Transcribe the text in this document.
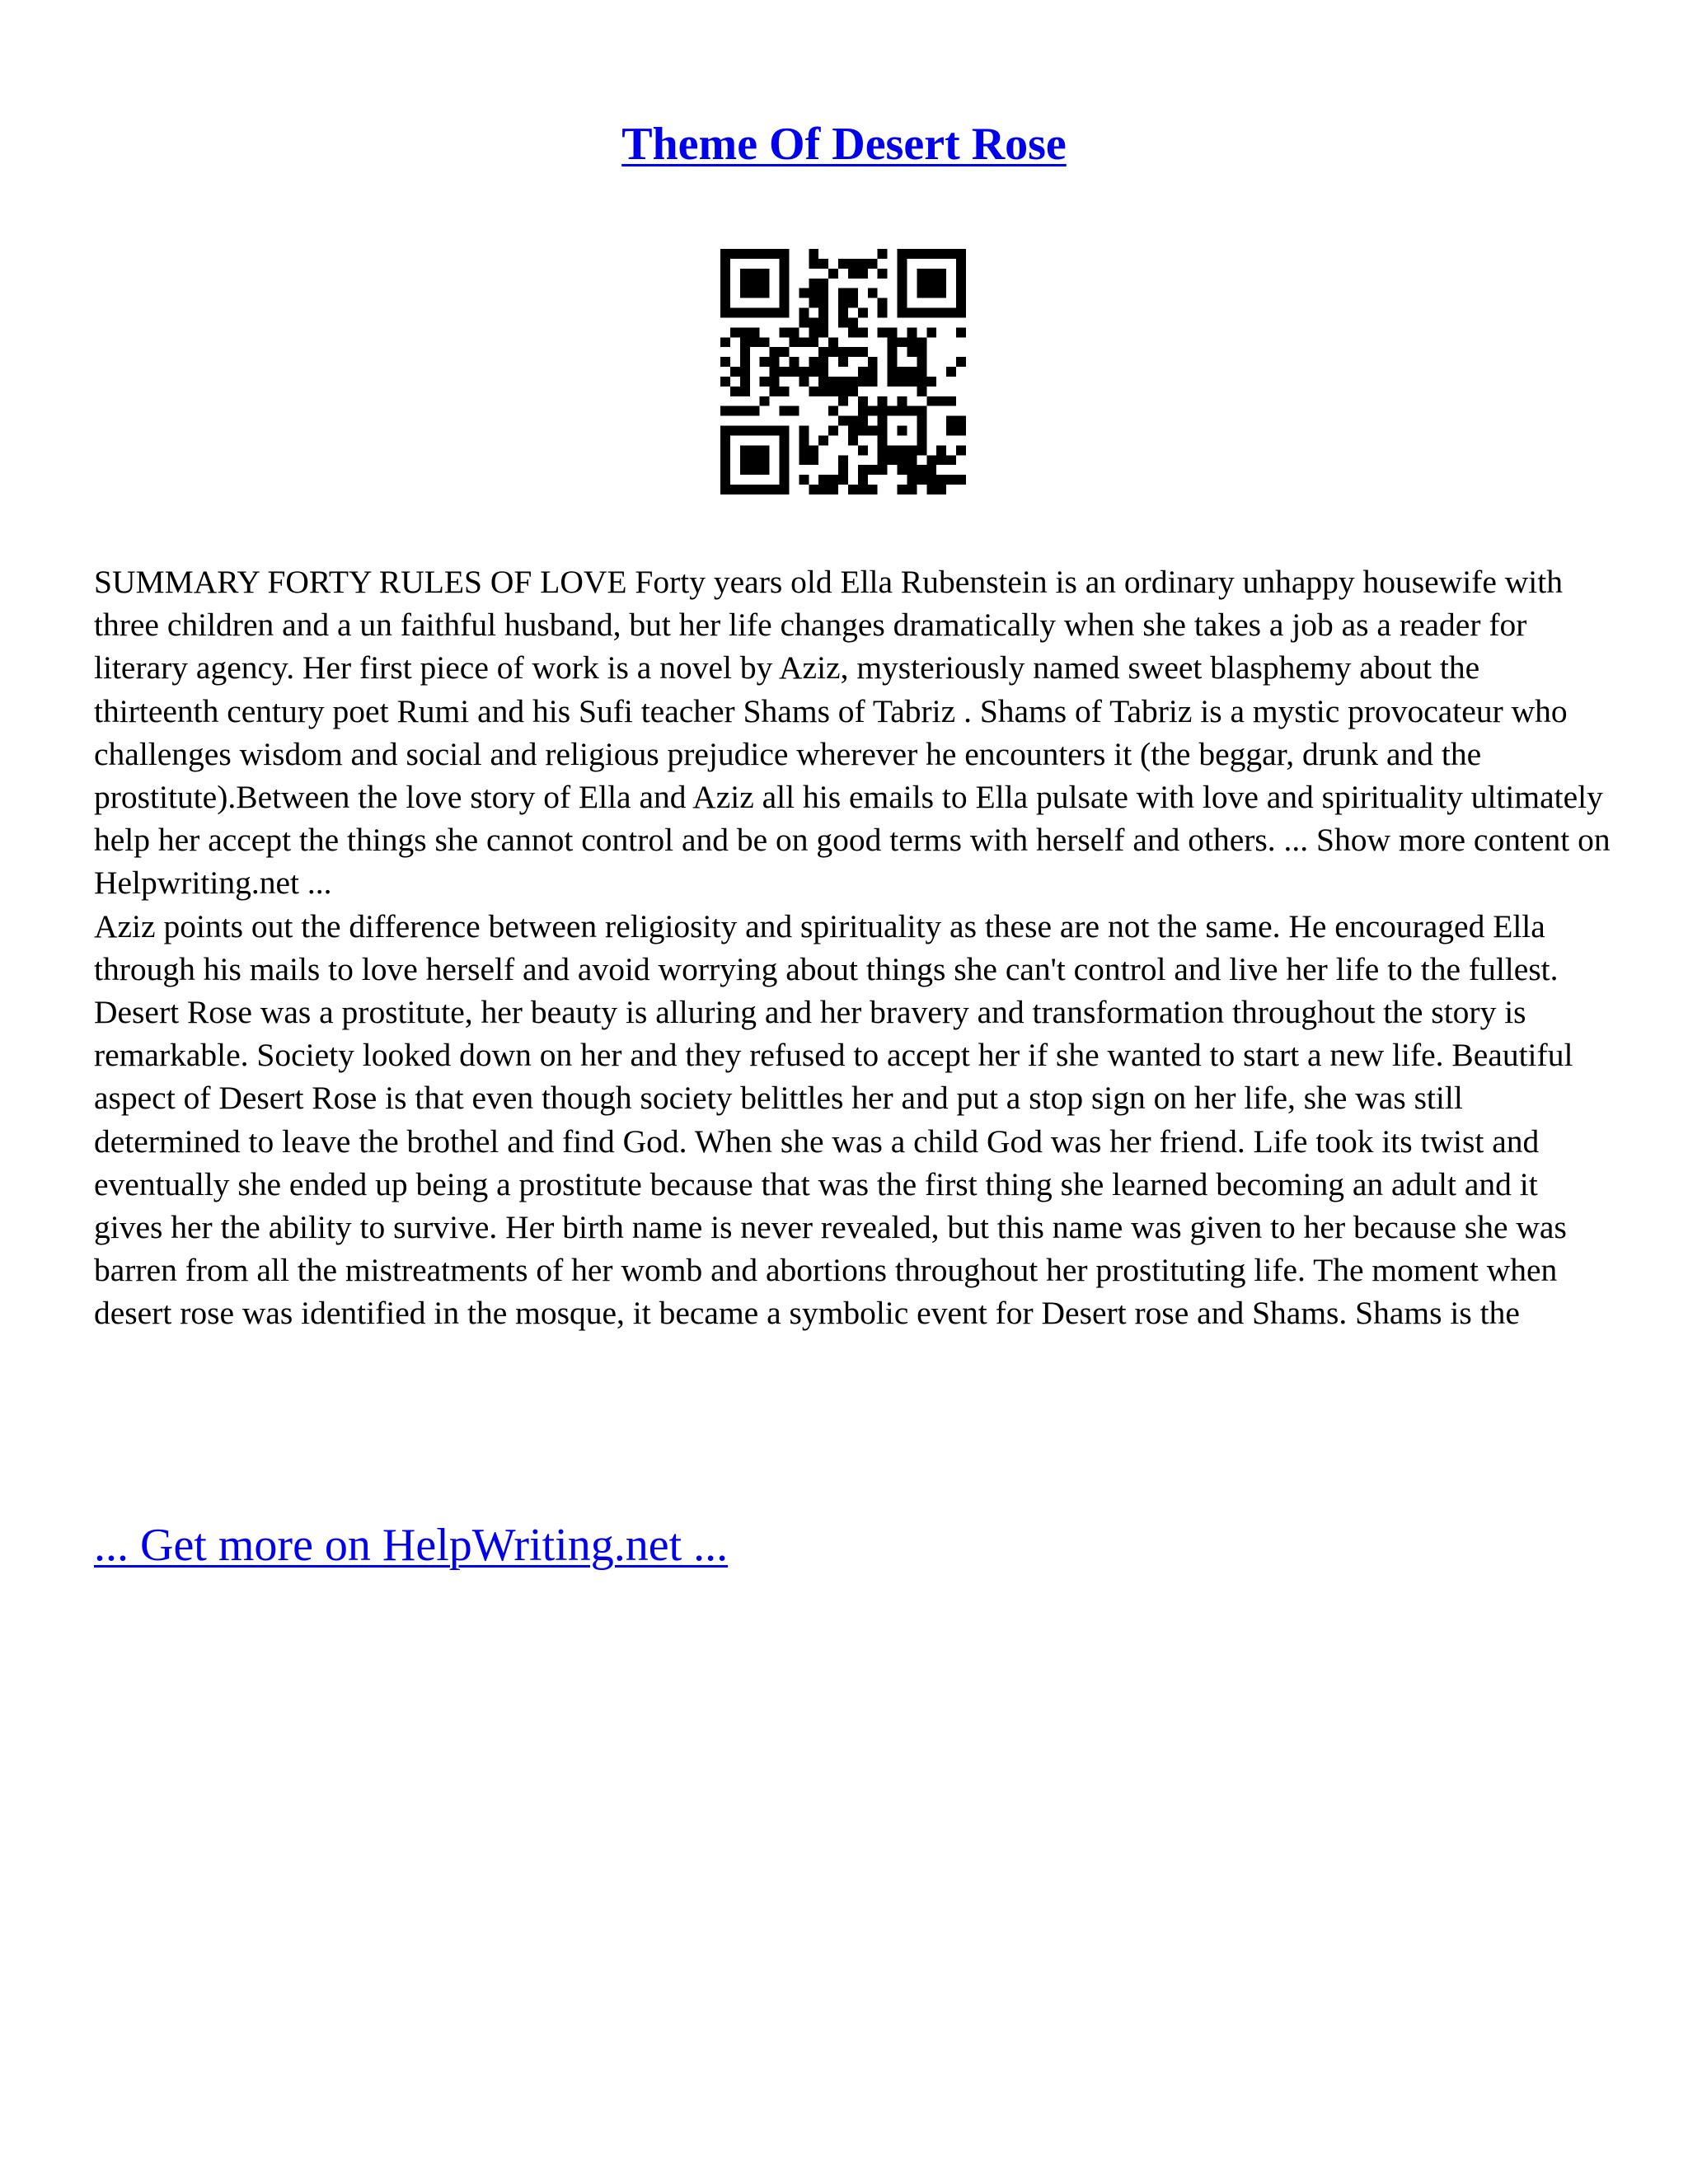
Theme Of Desert Rose

SUMMARY FORTY RULES OF LOVE Forty years old Ella Rubenstein is an ordinary unhappy housewife with three children and a un faithful husband, but her life changes dramatically when she takes a job as a reader for literary agency. Her first piece of work is a novel by Aziz, mysteriously named sweet blasphemy about the thirteenth century poet Rumi and his Sufi teacher Shams of Tabriz . Shams of Tabriz is a mystic provocateur who challenges wisdom and social and religious prejudice wherever he encounters it (the beggar, drunk and the prostitute).Between the love story of Ella and Aziz all his emails to Ella pulsate with love and spirituality ultimately help her accept the things she cannot control and be on good terms with herself and others. ... Show more content on Helpwriting.net ...

Aziz points out the difference between religiosity and spirituality as these are not the same. He encouraged Ella through his mails to love herself and avoid worrying about things she can't control and live her life to the fullest. Desert Rose was a prostitute, her beauty is alluring and her bravery and transformation throughout the story is remarkable. Society looked down on her and they refused to accept her if she wanted to start a new life. Beautiful aspect of Desert Rose is that even though society belittles her and put a stop sign on her life, she was still determined to leave the brothel and find God. When she was a child God was her friend. Life took its twist and eventually she ended up being a prostitute because that was the first thing she learned becoming an adult and it gives her the ability to survive. Her birth name is never revealed, but this name was given to her because she was barren from all the mistreatments of her womb and abortions throughout her prostituting life. The moment when desert rose was identified in the mosque, it became a symbolic event for Desert rose and Shams. Shams is the

... Get more on HelpWriting.net ...
